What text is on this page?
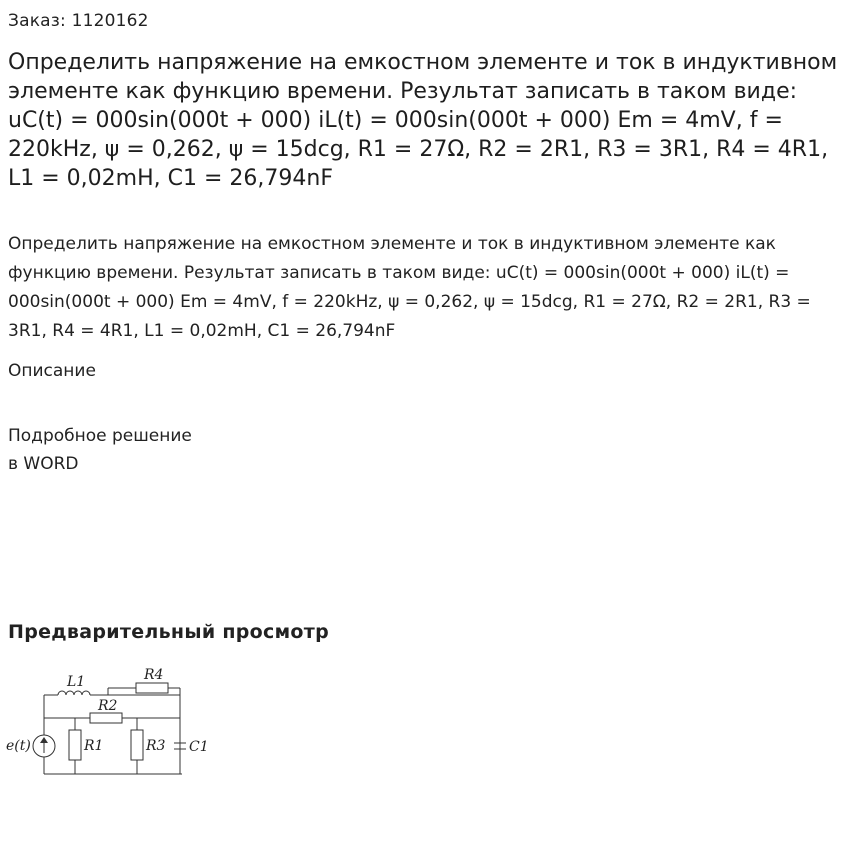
Заказ: 1120162

Определить напряжение на емкостном элементе и ток в индуктивном элементе как функцию времени. Результат записать в таком виде: uC(t) = 000sin(000t + 000) iL(t) = 000sin(000t + 000) Em = 4mV, f = 220kHz, ψ = 0,262, ψ = 15dcg, R1 = 27Ω, R2 = 2R1, R3 = 3R1, R4 = 4R1, L1 = 0,02mH, C1 = 26,794nF

Определить напряжение на емкостном элементе и ток в индуктивном элементе как функцию времени. Результат записать в таком виде: uC(t) = 000sin(000t + 000) iL(t) = 000sin(000t + 000) Em = 4mV, f = 220kHz, ψ = 0,262, ψ = 15dcg, R1 = 27Ω, R2 = 2R1, R3 = 3R1, R4 = 4R1, L1 = 0,02mH, C1 = 26,794nF

Описание
Подробное решение
в WORD
Предварительный просмотр
L1	R4
R2
R1	R3 C1
e(t)
